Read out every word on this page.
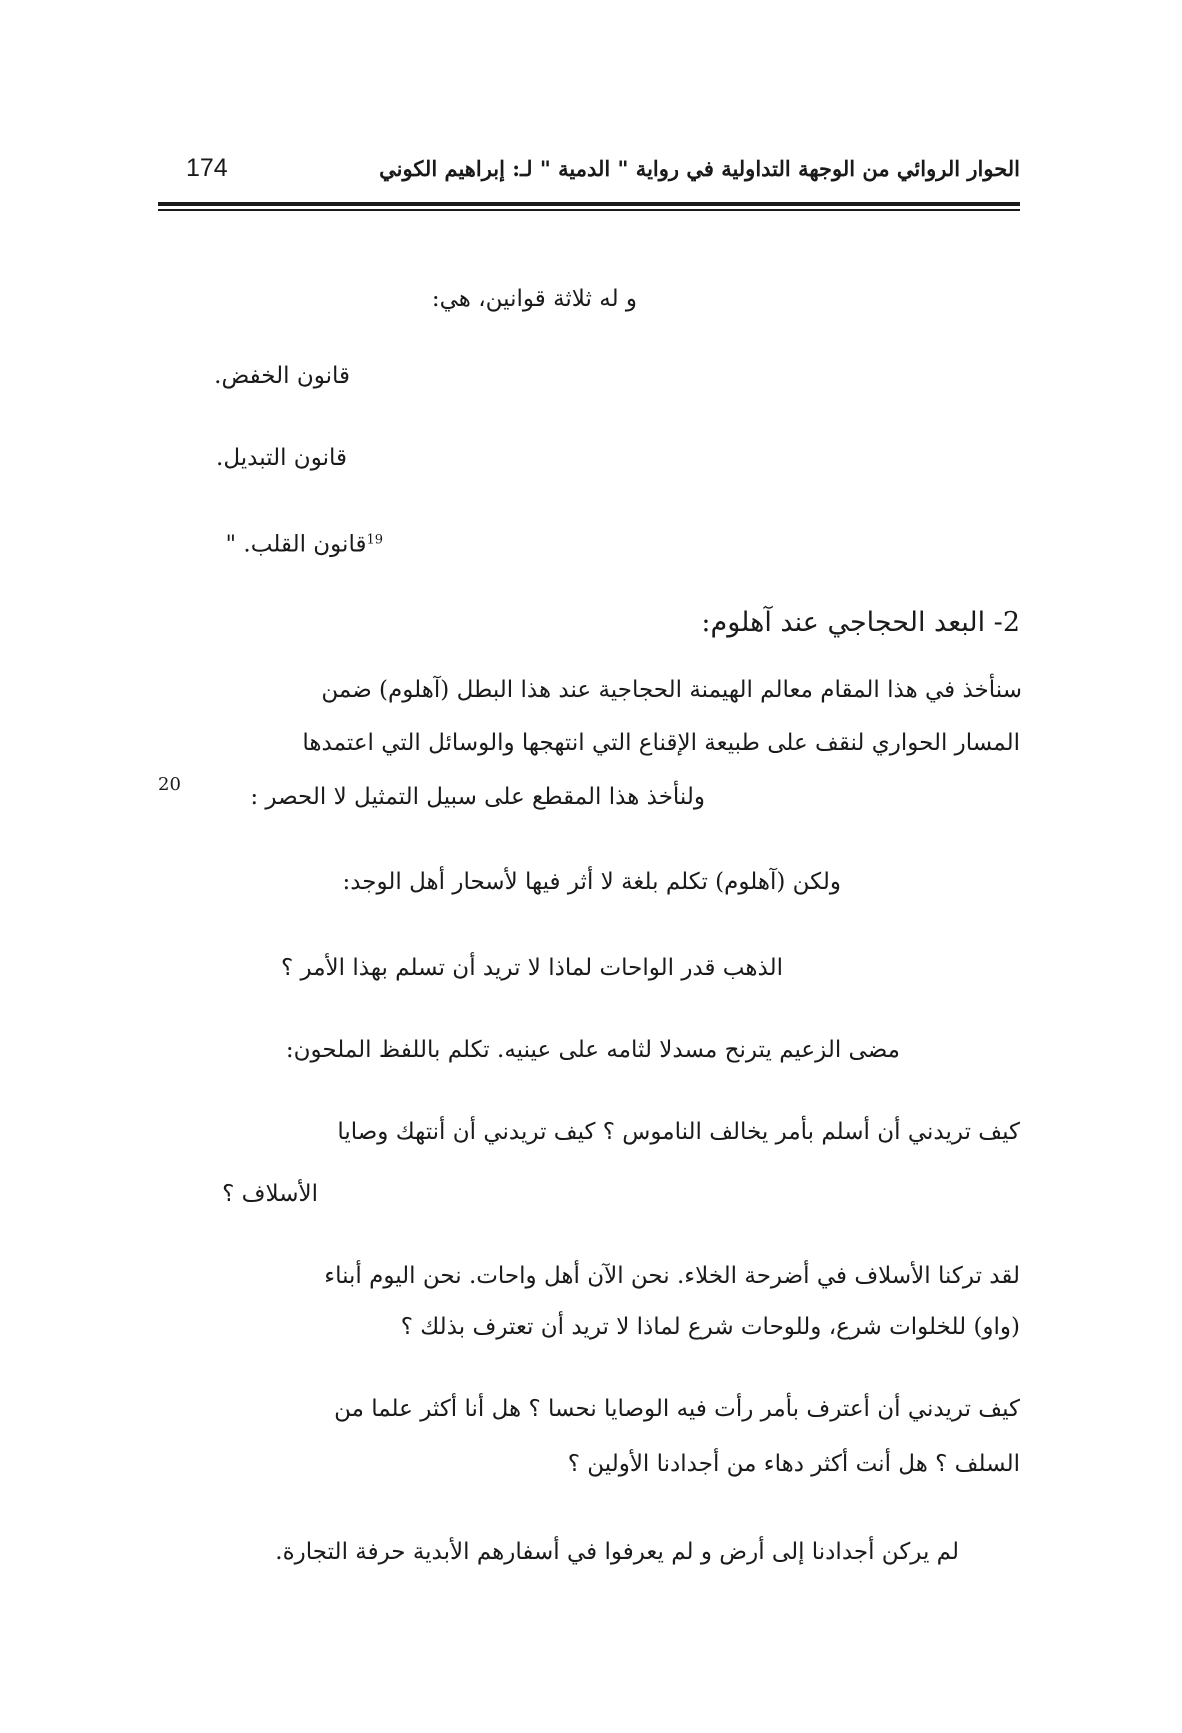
174	الحوار الروائي من الوجهة التداولية في رواية " الدمية " لـ: إبراهيم الكوني
و له ثلاثة قوانين، هي:
قانون الخفض.
قانون التبديل.
$^{19}$قانون القلب. "
2- البعد الحجاجي عند آهلوم:
سنأخذ في هذا المقام معالم الهيمنة الحجاجية عند هذا البطل (آهلوم) ضمن
المسار الحواري لنقف على طبيعة الإقناع التي انتهجها والوسائل التي اعتمدها
ولنأخذ هذا المقطع على سبيل التمثيل لا الحصر :
20
ولكن (آهلوم) تكلم بلغة لا أثر فيها لأسحار أهل الوجد:
الذهب قدر الواحات لماذا لا تريد أن تسلم بهذا الأمر ؟
مضى الزعيم يترنح مسدلا لثامه على عينيه. تكلم باللفظ الملحون:
كيف تريدني أن أسلم بأمر يخالف الناموس ؟ كيف تريدني أن أنتهك وصايا
الأسلاف ؟
لقد تركنا الأسلاف في أضرحة الخلاء. نحن الآن أهل واحات. نحن اليوم أبناء
(واو) للخلوات شرع، وللوحات شرع لماذا لا تريد أن تعترف بذلك ؟
كيف تريدني أن أعترف بأمر رأت فيه الوصايا نحسا ؟ هل أنا أكثر علما من
السلف ؟ هل أنت أكثر دهاء من أجدادنا الأولين ؟
لم يركن أجدادنا إلى أرض و لم يعرفوا في أسفارهم الأبدية حرفة التجارة.
